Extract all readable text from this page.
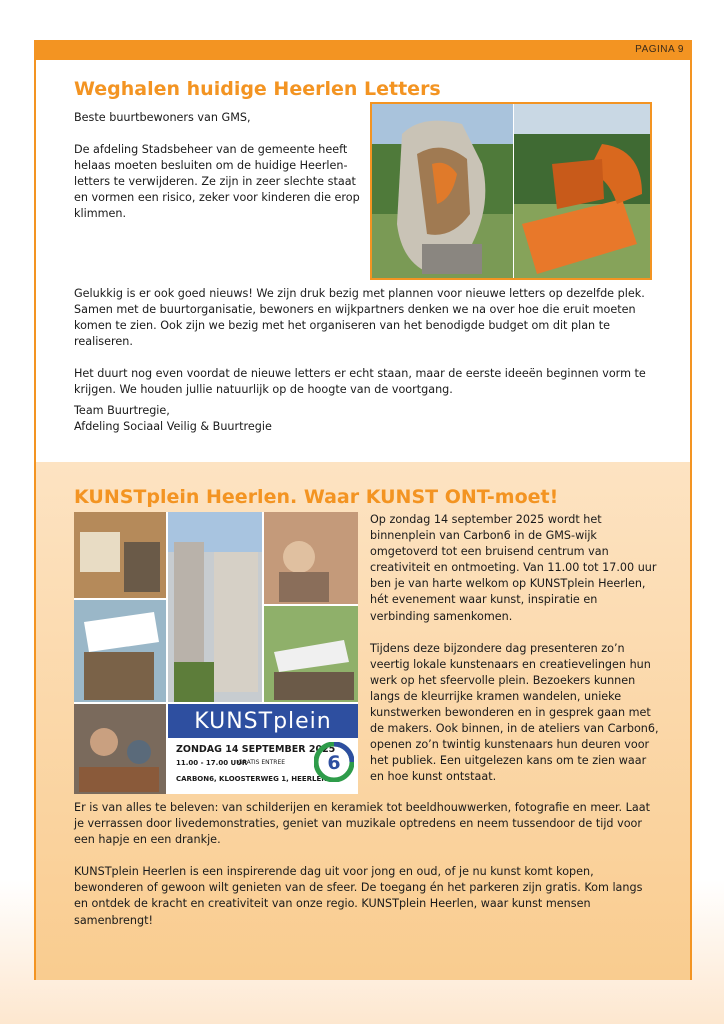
PAGINA 9
Weghalen huidige Heerlen Letters

Beste buurtbewoners van GMS,

De afdeling Stadsbeheer van de gemeente heeft helaas moeten besluiten om de huidige Heerlen-letters te verwijderen. Ze zijn in zeer slechte staat en vormen een risico, zeker voor kinderen die erop klimmen.

Gelukkig is er ook goed nieuws! We zijn druk bezig met plannen voor nieuwe letters op dezelfde plek. Samen met de buurtorganisatie, bewoners en wijkpartners denken we na over hoe die eruit moeten komen te zien. Ook zijn we bezig met het organiseren van het benodigde budget om dit plan te realiseren.

Het duurt nog even voordat de nieuwe letters er echt staan, maar de eerste ideeën beginnen vorm te krijgen. We houden jullie natuurlijk op de hoogte van de voortgang.

Team Buurtregie,
Afdeling Sociaal Veilig & Buurtregie
KUNSTplein Heerlen. Waar KUNST ONT-moet!
KUNSTplein
ZONDAG 14 SEPTEMBER 2025
11.00 - 17.00 UUR
GRATIS ENTREE
CARBON6, KLOOSTERWEG 1, HEERLEN
6

Op zondag 14 september 2025 wordt het binnenplein van Carbon6 in de GMS-wijk omgetoverd tot een bruisend centrum van creativiteit en ontmoeting. Van 11.00 tot 17.00 uur ben je van harte welkom op KUNSTplein Heerlen, hét evenement waar kunst, inspiratie en verbinding samenkomen.

Tijdens deze bijzondere dag presenteren zo’n veertig lokale kunstenaars en creatievelingen hun werk op het sfeervolle plein. Bezoekers kunnen langs de kleurrijke kramen wandelen, unieke kunstwerken bewonderen en in gesprek gaan met de makers. Ook binnen, in de ateliers van Carbon6, openen zo’n twintig kunstenaars hun deuren voor het publiek. Een uitgelezen kans om te zien waar en hoe kunst ontstaat.

Er is van alles te beleven: van schilderijen en keramiek tot beeldhouwwerken, fotografie en meer. Laat je verrassen door livedemonstraties, geniet van muzikale optredens en neem tussendoor de tijd voor een hapje en een drankje.

KUNSTplein Heerlen is een inspirerende dag uit voor jong en oud, of je nu kunst komt kopen, bewonderen of gewoon wilt genieten van de sfeer. De toegang én het parkeren zijn gratis. Kom langs en ontdek de kracht en creativiteit van onze regio. KUNSTplein Heerlen, waar kunst mensen samenbrengt!
